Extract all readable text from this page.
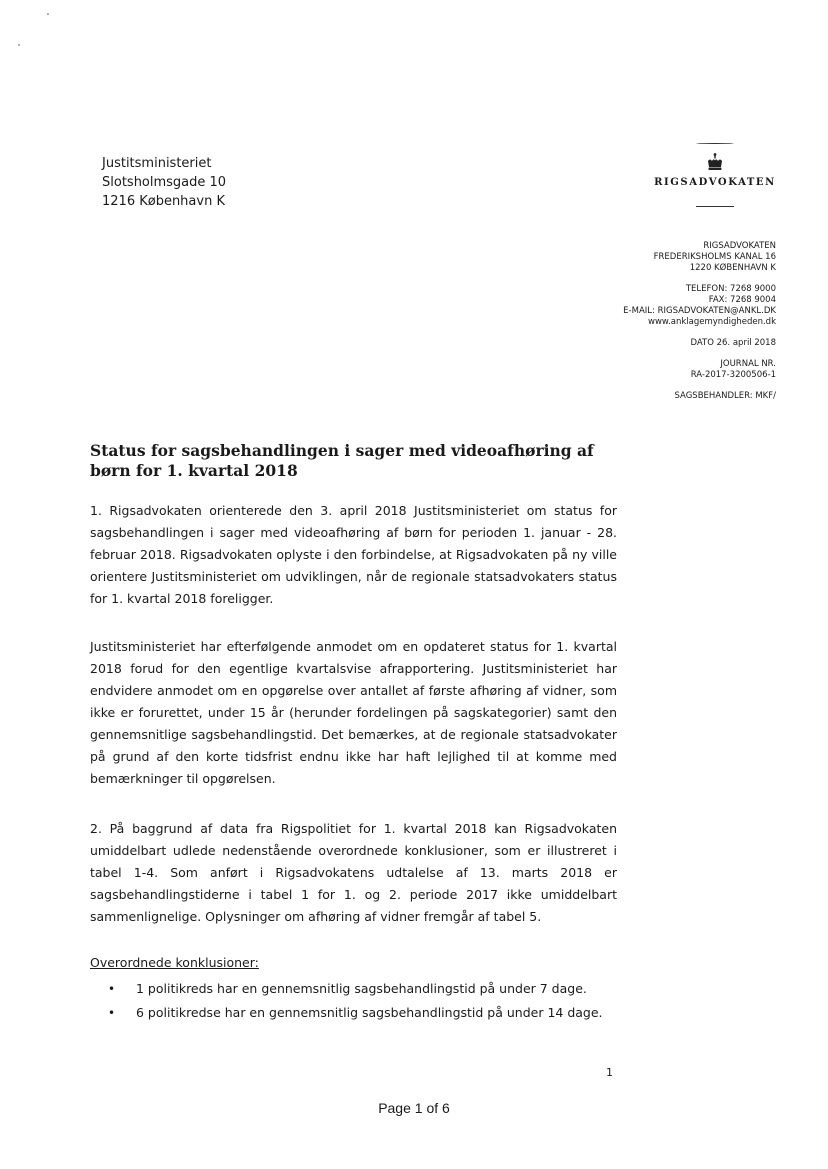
Justitsministeriet
Slotsholmsgade 10
1216 København K
RIGSADVOKATEN
RIGSADVOKATEN
FREDERIKSHOLMS KANAL 16
1220 KØBENHAVN K
TELEFON: 7268 9000
FAX: 7268 9004
E-MAIL: RIGSADVOKATEN@ANKL.DK
www.anklagemyndigheden.dk
DATO 26. april 2018
JOURNAL NR.
RA-2017-3200506-1
SAGSBEHANDLER: MKF/
Status for sagsbehandlingen i sager med videoafhøring af børn for 1. kvartal 2018
1. Rigsadvokaten orienterede den 3. april 2018 Justitsministeriet om status for sagsbehandlingen i sager med videoafhøring af børn for perioden 1. januar - 28. februar 2018. Rigsadvokaten oplyste i den forbindelse, at Rigsadvokaten på ny ville orientere Justitsministeriet om udviklingen, når de regionale statsadvokaters status for 1. kvartal 2018 foreligger.
Justitsministeriet har efterfølgende anmodet om en opdateret status for 1. kvartal 2018 forud for den egentlige kvartalsvise afrapportering. Justitsministeriet har endvidere anmodet om en opgørelse over antallet af første afhøring af vidner, som ikke er forurettet, under 15 år (herunder fordelingen på sagskategorier) samt den gennemsnitlige sagsbehandlingstid. Det bemærkes, at de regionale statsadvokater på grund af den korte tidsfrist endnu ikke har haft lejlighed til at komme med bemærkninger til opgørelsen.
2. På baggrund af data fra Rigspolitiet for 1. kvartal 2018 kan Rigsadvokaten umiddelbart udlede nedenstående overordnede konklusioner, som er illustreret i tabel 1-4. Som anført i Rigsadvokatens udtalelse af 13. marts 2018 er sagsbehandlingstiderne i tabel 1 for 1. og 2. periode 2017 ikke umiddelbart sammenlignelige. Oplysninger om afhøring af vidner fremgår af tabel 5.
Overordnede konklusioner:
• 1 politikreds har en gennemsnitlig sagsbehandlingstid på under 7 dage.
• 6 politikredse har en gennemsnitlig sagsbehandlingstid på under 14 dage.
1
Page 1 of 6
